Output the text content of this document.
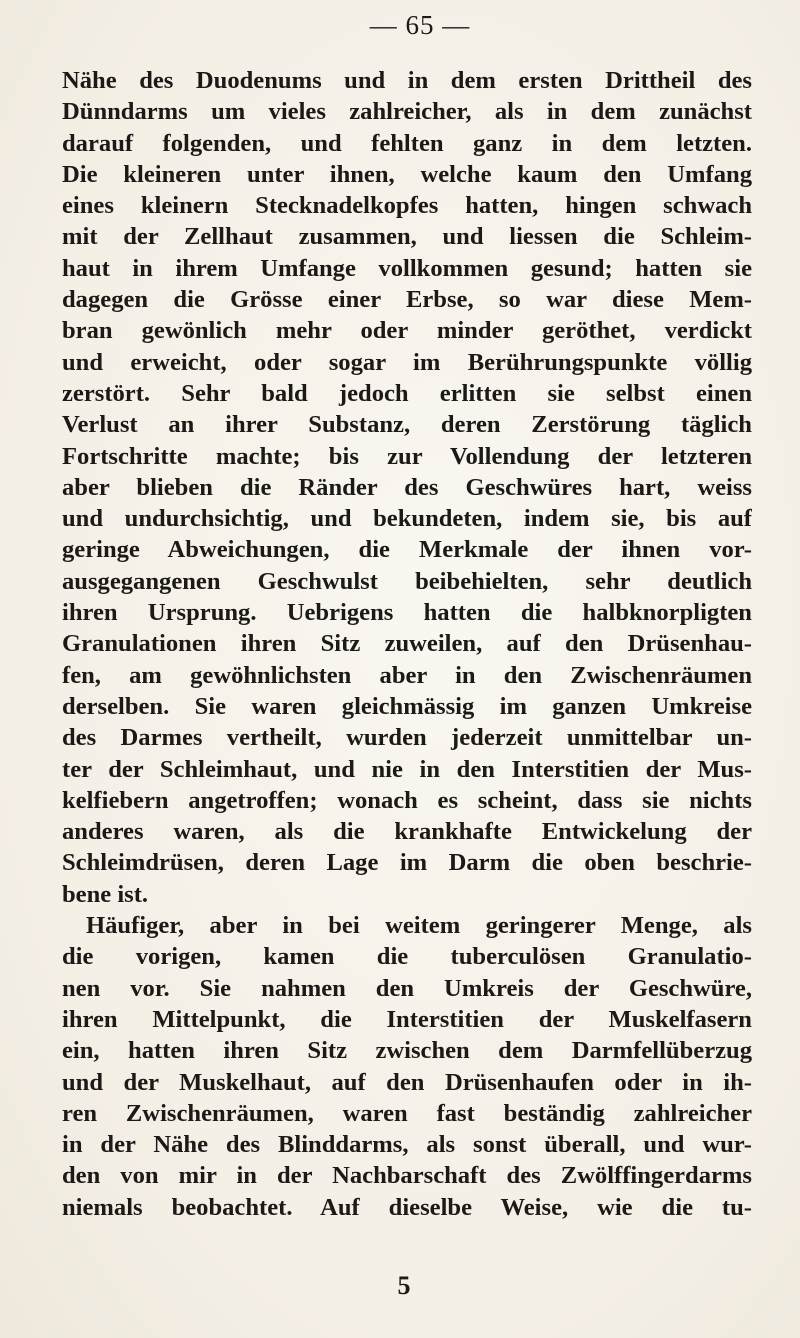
— 65 —
Nähe des Duodenums und in dem ersten Drittheil des
Dünndarms um vieles zahlreicher, als in dem zunächst
darauf folgenden, und fehlten ganz in dem letzten.
Die kleineren unter ihnen, welche kaum den Umfang
eines kleinern Stecknadelkopfes hatten, hingen schwach
mit der Zellhaut zusammen, und liessen die Schleim-
haut in ihrem Umfange vollkommen gesund; hatten sie
dagegen die Grösse einer Erbse, so war diese Mem-
bran gewönlich mehr oder minder geröthet, verdickt
und erweicht, oder sogar im Berührungspunkte völlig
zerstört. Sehr bald jedoch erlitten sie selbst einen
Verlust an ihrer Substanz, deren Zerstörung täglich
Fortschritte machte; bis zur Vollendung der letzteren
aber blieben die Ränder des Geschwüres hart, weiss
und undurchsichtig, und bekundeten, indem sie, bis auf
geringe Abweichungen, die Merkmale der ihnen vor-
ausgegangenen Geschwulst beibehielten, sehr deutlich
ihren Ursprung. Uebrigens hatten die halbknorpligten
Granulationen ihren Sitz zuweilen, auf den Drüsenhau-
fen, am gewöhnlichsten aber in den Zwischenräumen
derselben. Sie waren gleichmässig im ganzen Umkreise
des Darmes vertheilt, wurden jederzeit unmittelbar un-
ter der Schleimhaut, und nie in den Interstitien der Mus-
kelfiebern angetroffen; wonach es scheint, dass sie nichts
anderes waren, als die krankhafte Entwickelung der
Schleimdrüsen, deren Lage im Darm die oben beschrie-
bene ist.
Häufiger, aber in bei weitem geringerer Menge, als
die vorigen, kamen die tuberculösen Granulatio-
nen vor. Sie nahmen den Umkreis der Geschwüre,
ihren Mittelpunkt, die Interstitien der Muskelfasern
ein, hatten ihren Sitz zwischen dem Darmfellüberzug
und der Muskelhaut, auf den Drüsenhaufen oder in ih-
ren Zwischenräumen, waren fast beständig zahlreicher
in der Nähe des Blinddarms, als sonst überall, und wur-
den von mir in der Nachbarschaft des Zwölffingerdarms
niemals beobachtet. Auf dieselbe Weise, wie die tu-
5
